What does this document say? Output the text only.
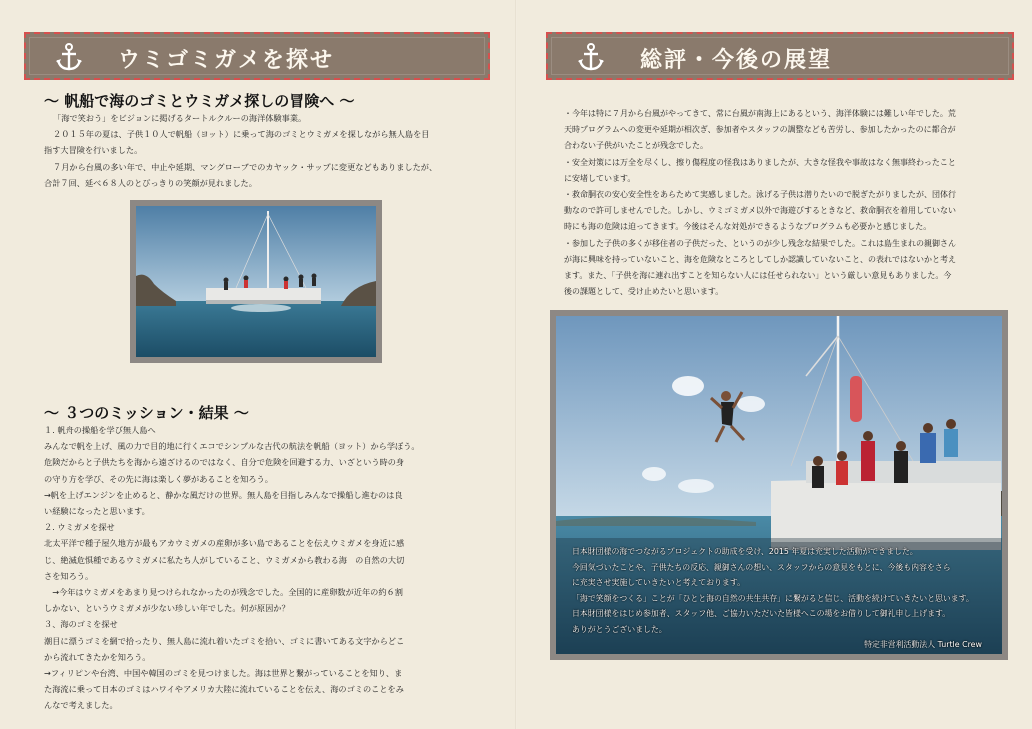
ウミゴミガメを探せ
～ 帆船で海のゴミとウミガメ探しの冒険へ ～

「海で笑おう」をビジョンに掲げるタートルクルーの海洋体験事業。

２０１５年の夏は、子供１０人で帆船（ヨット）に乗って海のゴミとウミガメを探しながら無人島を目

指す大冒険を行いました。

７月から台風の多い年で、中止や延期、マングローブでのカヤック・サップに変更などもありましたが、

合計７回、延べ６８人のとびっきりの笑顔が見れました。

～ ３つのミッション・結果 ～

１. 帆舟の操船を学び無人島へ

みんなで帆を上げ、風の力で目的地に行くエコでシンプルな古代の航法を帆船（ヨット）から学ぼう。

危険だからと子供たちを海から遠ざけるのではなく、自分で危険を回避する力、いざという時の身

の守り方を学び、その先に海は楽しく夢があることを知ろう。

→帆を上げエンジンを止めると、静かな風だけの世界。無人島を目指しみんなで操船し進むのは良

い経験になったと思います。

２. ウミガメを探せ

北太平洋で種子屋久地方が最もアカウミガメの産卵が多い島であることを伝えウミガメを身近に感

じ、絶滅危惧種であるウミガメに私たち人がしていること、ウミガメから教わる海　の自然の大切

さを知ろう。

　→今年はウミガメをあまり見つけられなかったのが残念でした。全国的に産卵数が近年の約６割

しかない、というウミガメが少ない珍しい年でした。何が原因か？

３、海のゴミを探せ

潮目に漂うゴミを網で拾ったり、無人島に流れ着いたゴミを拾い、ゴミに書いてある文字からどこ

から流れてきたかを知ろう。

→フィリピンや台湾、中国や韓国のゴミを見つけました。海は世界と繋がっていることを知り、ま

た海流に乗って日本のゴミはハワイやアメリカ大陸に流れていることを伝え、海のゴミのことをみ

んなで考えました。

総評・今後の展望

・今年は特に７月から台風がやってきて、常に台風が南海上にあるという、海洋体験には難しい年でした。荒

天時プログラムへの変更や延期が相次ぎ、参加者やスタッフの調整なども苦労し、参加したかったのに都合が

合わない子供がいたことが残念でした。

・安全対策には万全を尽くし、擦り傷程度の怪我はありましたが、大きな怪我や事故はなく無事終わったこと

に安堵しています。

・救命胴衣の安心安全性をあらためて実感しました。泳げる子供は潜りたいので脱ぎたがりましたが、団体行

動なので許可しませんでした。しかし、ウミゴミガメ以外で海遊びするときなど、救命胴衣を着用していない

時にも海の危険は迫ってきます。今後はそんな対処ができるようなプログラムも必要かと感じました。

・参加した子供の多くが移住者の子供だった、というのが少し残念な結果でした。これは島生まれの親御さん

が海に興味を持っていないこと、海を危険なところとしてしか認識していないこと、の表れではないかと考え

ます。また、「子供を海に連れ出すことを知らない人には任せられない」という厳しい意見もありました。今

後の課題として、受け止めたいと思います。

日本財団様の海でつながるプロジェクトの助成を受け、2015 年夏は充実した活動ができました。

今回気づいたことや、子供たちの反応、親御さんの想い、スタッフからの意見をもとに、今後も内容をさら

に充実させ実施していきたいと考えております。

「海で笑顔をつくる」ことが「ひとと海の自然の共生共存」に繋がると信じ、活動を続けていきたいと思います。

日本財団様をはじめ参加者、スタッフ他、ご協力いただいた皆様へこの場をお借りして御礼申し上げます。

ありがとうございました。

特定非営利活動法人 Turtle Crew
